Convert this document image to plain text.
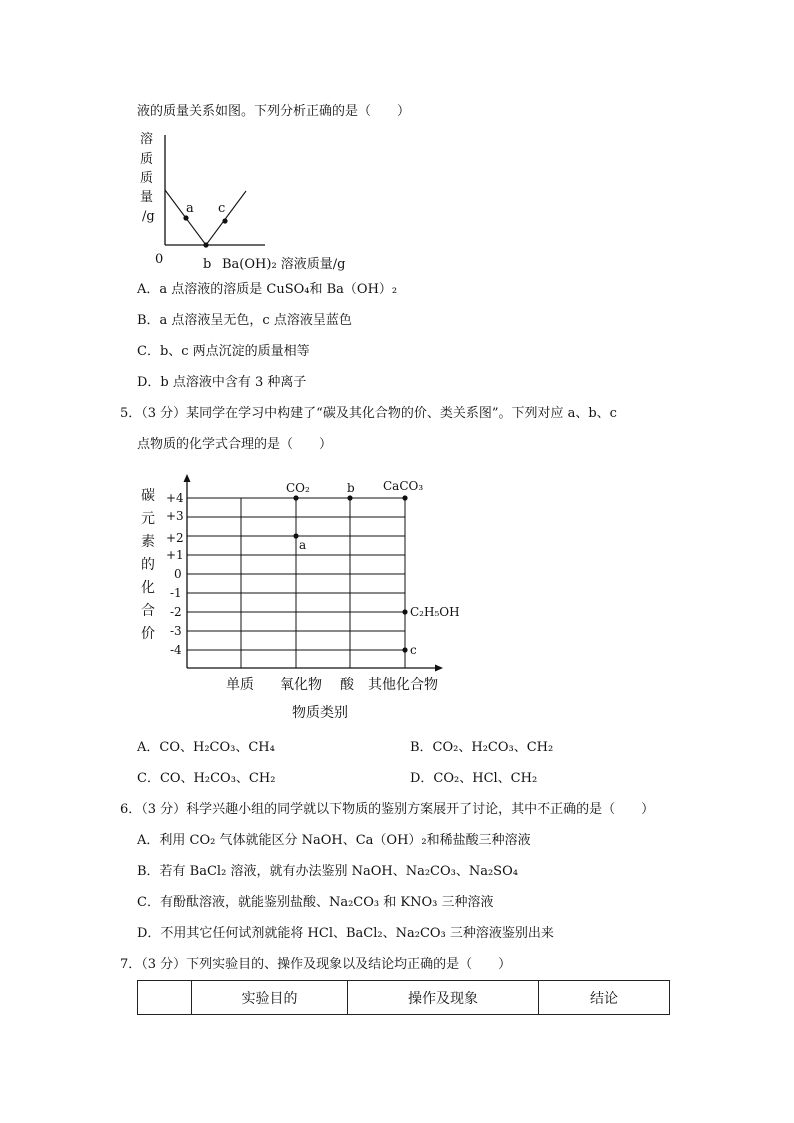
液的质量关系如图。下列分析正确的是（　　）
溶
质
质
量
/g
a c
0	b Ba(OH)₂ 溶液质量/g
A．a 点溶液的溶质是 CuSO₄和 Ba（OH）₂
B．a 点溶液呈无色，c 点溶液呈蓝色
C．b、c 两点沉淀的质量相等
D．b 点溶液中含有 3 种离子
5．（3 分）某同学在学习中构建了“碳及其化合物的价、类关系图”。下列对应 a、b、c
点物质的化学式合理的是（　　）
碳
元
素
的
化
合
价
+4
+3
+2
+1
0
-1
-2
-3
-4
CO₂	b CaCO₃
a
C₂H₅OH
c
单质 氧化物 酸 其他化合物
物质类别
A．CO、H₂CO₃、CH₄	B．CO₂、H₂CO₃、CH₂
C．CO、H₂CO₃、CH₂	D．CO₂、HCl、CH₂
6．（3 分）科学兴趣小组的同学就以下物质的鉴别方案展开了讨论，其中不正确的是（　　）
A．利用 CO₂ 气体就能区分 NaOH、Ca（OH）₂和稀盐酸三种溶液
B．若有 BaCl₂ 溶液，就有办法鉴别 NaOH、Na₂CO₃、Na₂SO₄
C．有酚酞溶液，就能鉴别盐酸、Na₂CO₃ 和 KNO₃ 三种溶液
D．不用其它任何试剂就能将 HCl、BaCl₂、Na₂CO₃ 三种溶液鉴别出来
7．（3 分）下列实验目的、操作及现象以及结论均正确的是（　　）
	实验目的	操作及现象	结论
